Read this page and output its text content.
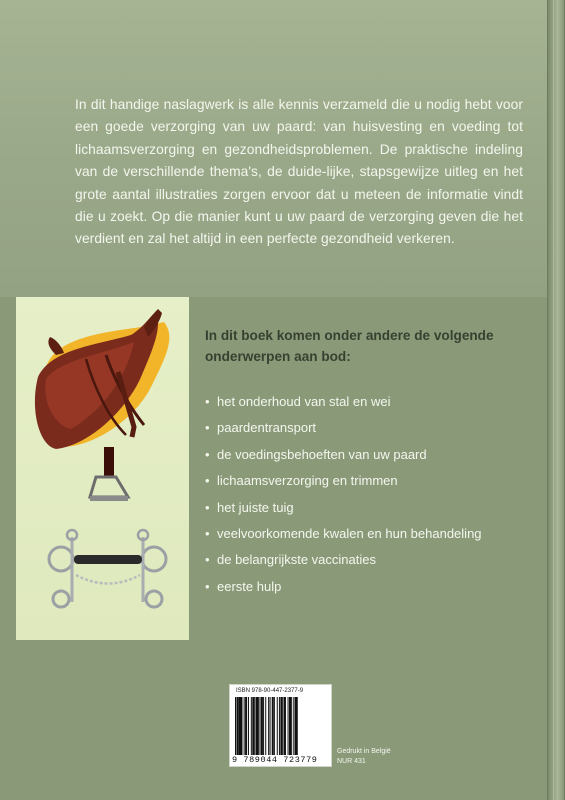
In dit handige naslagwerk is alle kennis verzameld die u nodig hebt voor een goede verzorging van uw paard: van huisvesting en voeding tot lichaamsverzorging en gezondheidsproblemen. De praktische indeling van de verschillende thema's, de duide-lijke, stapsgewijze uitleg en het grote aantal illustraties zorgen ervoor dat u meteen de informatie vindt die u zoekt. Op die manier kunt u uw paard de verzorging geven die het verdient en zal het altijd in een perfecte gezondheid verkeren.

In dit boek komen onder andere de volgende onderwerpen aan bod:

• het onderhoud van stal en wei
• paardentransport
• de voedingsbehoeften van uw paard
• lichaamsverzorging en trimmen
• het juiste tuig
• veelvoorkomende kwalen en hun behandeling
• de belangrijkste vaccinaties
• eerste hulp
ISBN 978-90-447-2377-9
9 789044 723779
Gedrukt in België
NUR 431
